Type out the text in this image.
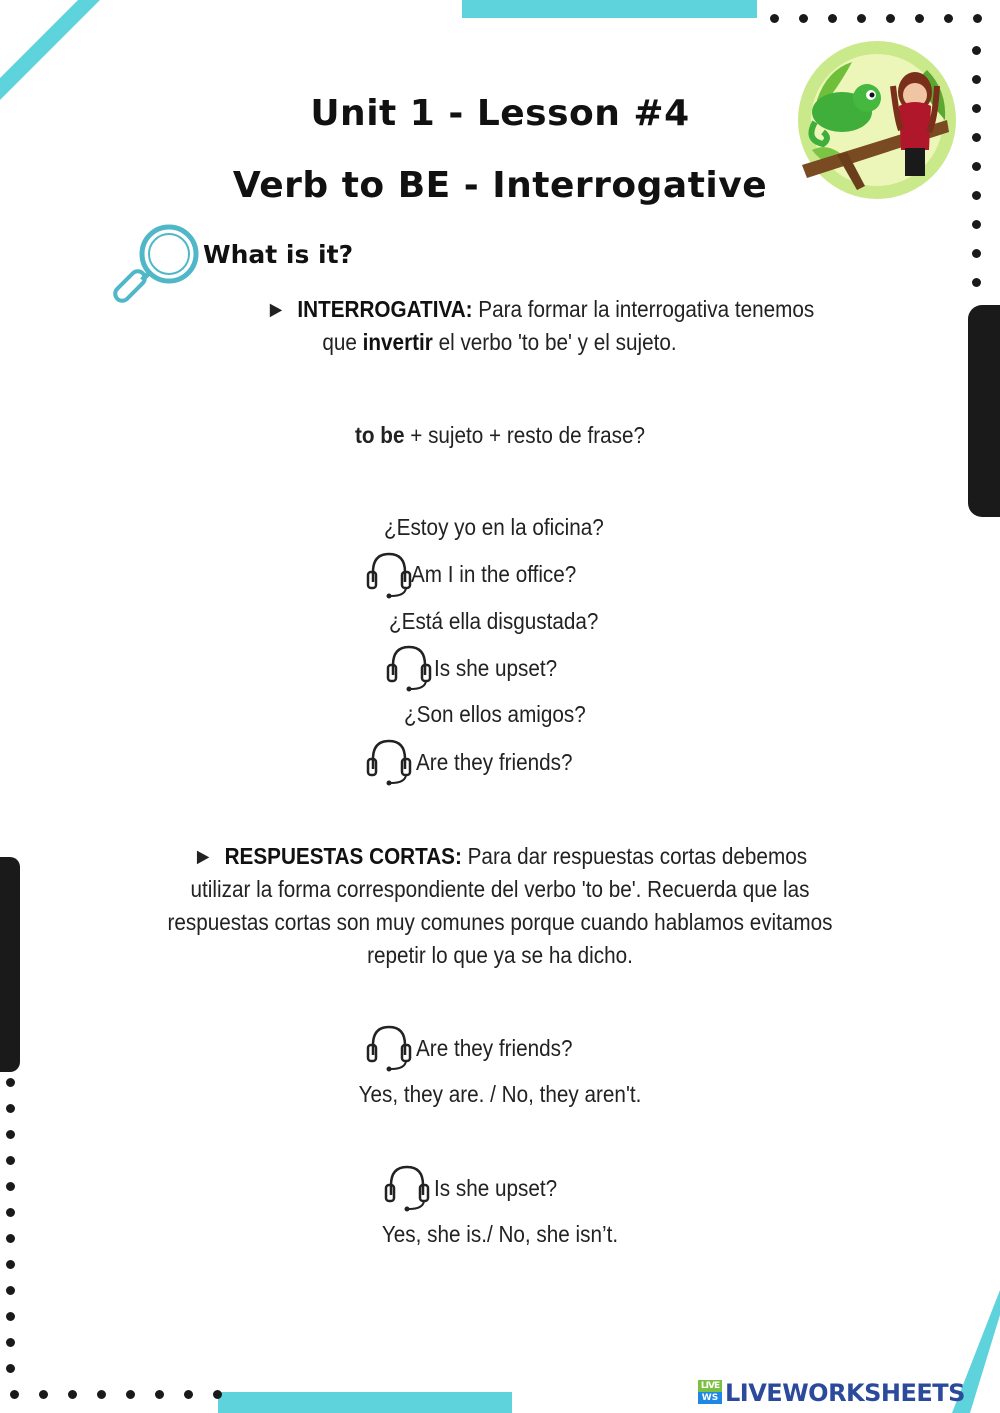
Unit 1 - Lesson #4
Verb to BE - Interrogative
What is it?
► INTERROGATIVA: Para formar la interrogativa tenemos
que invertir el verbo 'to be' y el sujeto.
to be + sujeto + resto de frase?
¿Estoy yo en la oficina?
Am I in the office?
¿Está ella disgustada?
Is she upset?
¿Son ellos amigos?
Are they friends?
► RESPUESTAS CORTAS: Para dar respuestas cortas debemos
utilizar la forma correspondiente del verbo 'to be'. Recuerda que las
respuestas cortas son muy comunes porque cuando hablamos evitamos
repetir lo que ya se ha dicho.
Are they friends?
Yes, they are. / No, they aren't.
Is she upset?
Yes, she is./ No, she isn’t.
LIVE
WS LIVEWORKSHEETS
